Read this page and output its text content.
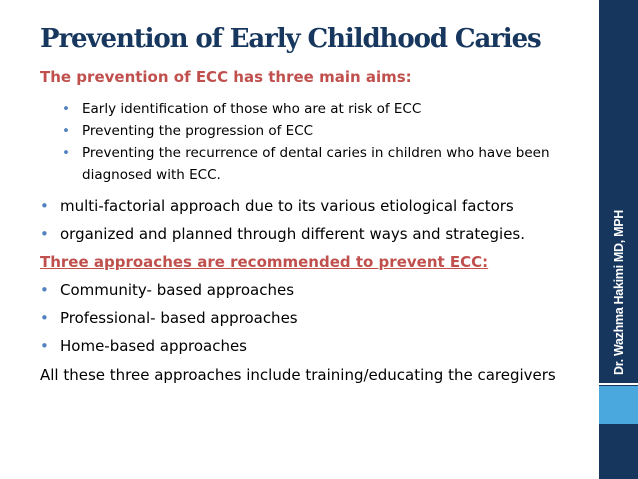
Prevention of Early Childhood Caries
The prevention of ECC has three main aims:
• Early identification of those who are at risk of ECC
• Preventing the progression of ECC
• Preventing the recurrence of dental caries in children who have been diagnosed with ECC.
• multi-factorial approach due to its various etiological factors
• organized and planned through different ways and strategies.
Three approaches are recommended to prevent ECC:
• Community- based approaches
• Professional- based approaches
• Home-based approaches
All these three approaches include training/educating the caregivers	Dr. Wazhma Hakimi MD, MPH
